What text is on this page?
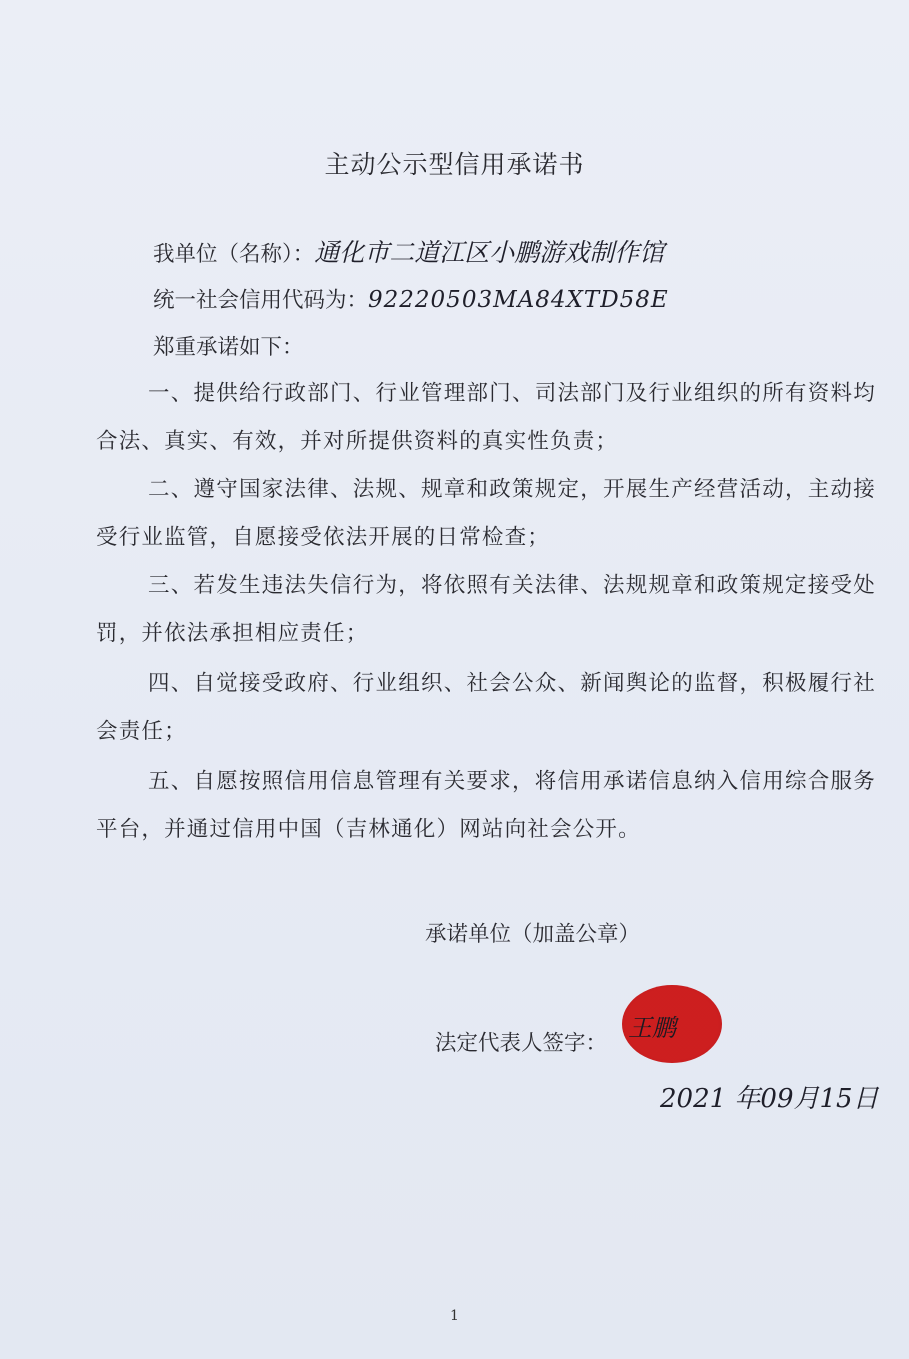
主动公示型信用承诺书
我单位（名称）：通化市二道江区小鹏游戏制作馆
统一社会信用代码为：92220503MA84XTD58E
郑重承诺如下：
一、提供给行政部门、行业管理部门、司法部门及行业组织的所有资料均合法、真实、有效，并对所提供资料的真实性负责；
二、遵守国家法律、法规、规章和政策规定，开展生产经营活动，主动接受行业监管，自愿接受依法开展的日常检查；
三、若发生违法失信行为，将依照有关法律、法规规章和政策规定接受处罚，并依法承担相应责任；
四、自觉接受政府、行业组织、社会公众、新闻舆论的监督，积极履行社会责任；
五、自愿按照信用信息管理有关要求，将信用承诺信息纳入信用综合服务平台，并通过信用中国（吉林通化）网站向社会公开。
承诺单位（加盖公章）
法定代表人签字：
王鹏
2021 年09月15日
1
